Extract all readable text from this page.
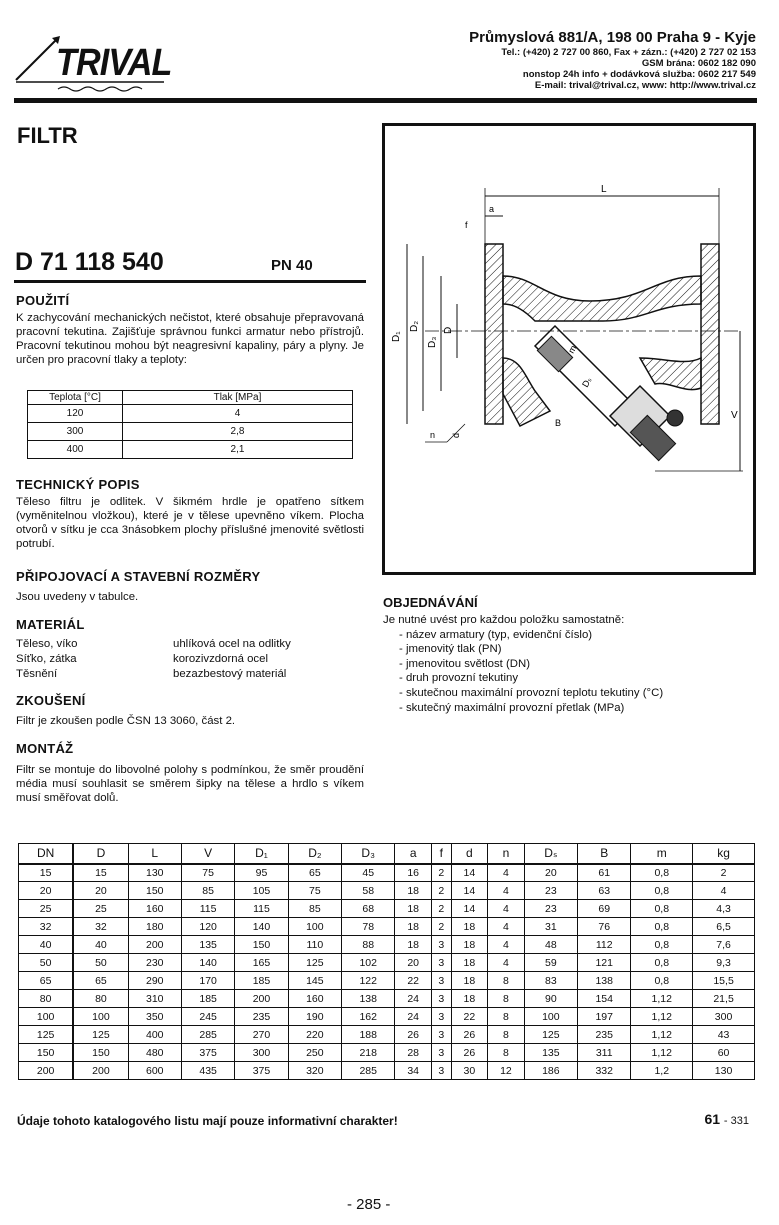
TRIVAL
Průmyslová 881/A, 198 00 Praha 9 - Kyje
Tel.: (+420) 2 727 00 860, Fax + zázn.: (+420) 2 727 02 153
GSM brána: 0602 182 090
nonstop 24h info + dodávková služba: 0602 217 549
E-mail: trival@trival.cz, www: http://www.trival.cz
FILTR
D 71 118 540	PN 40
POUŽITÍ
K zachycování mechanických nečistot, které obsahuje přepravovaná pracovní tekutina. Zajišťuje správnou funkci armatur nebo přístrojů. Pracovní tekutinou mohou být neagresivní kapaliny, páry a plyny. Je určen pro pracovní tlaky a teploty:
Teplota [°C]	Tlak [MPa]
120	4
300	2,8
400	2,1
TECHNICKÝ POPIS
Těleso filtru je odlitek. V šikmém hrdle je opatřeno sítkem (vyměnitelnou vložkou), které je v tělese upevněno víkem. Plocha otvorů v sítku je cca 3násobkem plochy příslušné jmenovité světlosti potrubí.
PŘIPOJOVACÍ A STAVEBNÍ ROZMĚRY
Jsou uvedeny v tabulce.
MATERIÁL
Těleso, víko	uhlíková ocel na odlitky
Síťko, zátka	korozivzdorná ocel
Těsnění	bezazbestový materiál
ZKOUŠENÍ
Filtr je zkoušen podle ČSN 13 3060, část 2.
MONTÁŽ
Filtr se montuje do libovolné polohy s podmínkou, že směr proudění média musí souhlasit se směrem šipky na tělese a hrdlo s víkem musí směřovat dolů.
L
a
f
D₁
D₂
D₃
D
m
Dₛ
B
V
n d
OBJEDNÁVÁNÍ
Je nutné uvést pro každou položku samostatně:
- název armatury (typ, evidenční číslo)
- jmenovitý tlak (PN)
- jmenovitou světlost (DN)
- druh provozní tekutiny
- skutečnou maximální provozní teplotu tekutiny (°C)
- skutečný maximální provozní přetlak (MPa)
DN	D	L	V	D₁	D₂	D₃	a	f	d	n	Dₛ	B	m	kg
15	15	130	75	95	65	45	16	2	14	4	20	61	0,8	2
20	20	150	85	105	75	58	18	2	14	4	23	63	0,8	4
25	25	160	115	115	85	68	18	2	14	4	23	69	0,8	4,3
32	32	180	120	140	100	78	18	2	18	4	31	76	0,8	6,5
40	40	200	135	150	110	88	18	3	18	4	48	112	0,8	7,6
50	50	230	140	165	125	102	20	3	18	4	59	121	0,8	9,3
65	65	290	170	185	145	122	22	3	18	8	83	138	0,8	15,5
80	80	310	185	200	160	138	24	3	18	8	90	154	1,12	21,5
100	100	350	245	235	190	162	24	3	22	8	100	197	1,12	300
125	125	400	285	270	220	188	26	3	26	8	125	235	1,12	43
150	150	480	375	300	250	218	28	3	26	8	135	311	1,12	60
200	200	600	435	375	320	285	34	3	30	12	186	332	1,2	130
Údaje tohoto katalogového listu mají pouze informativní charakter!	61 - 331
- 285 -
